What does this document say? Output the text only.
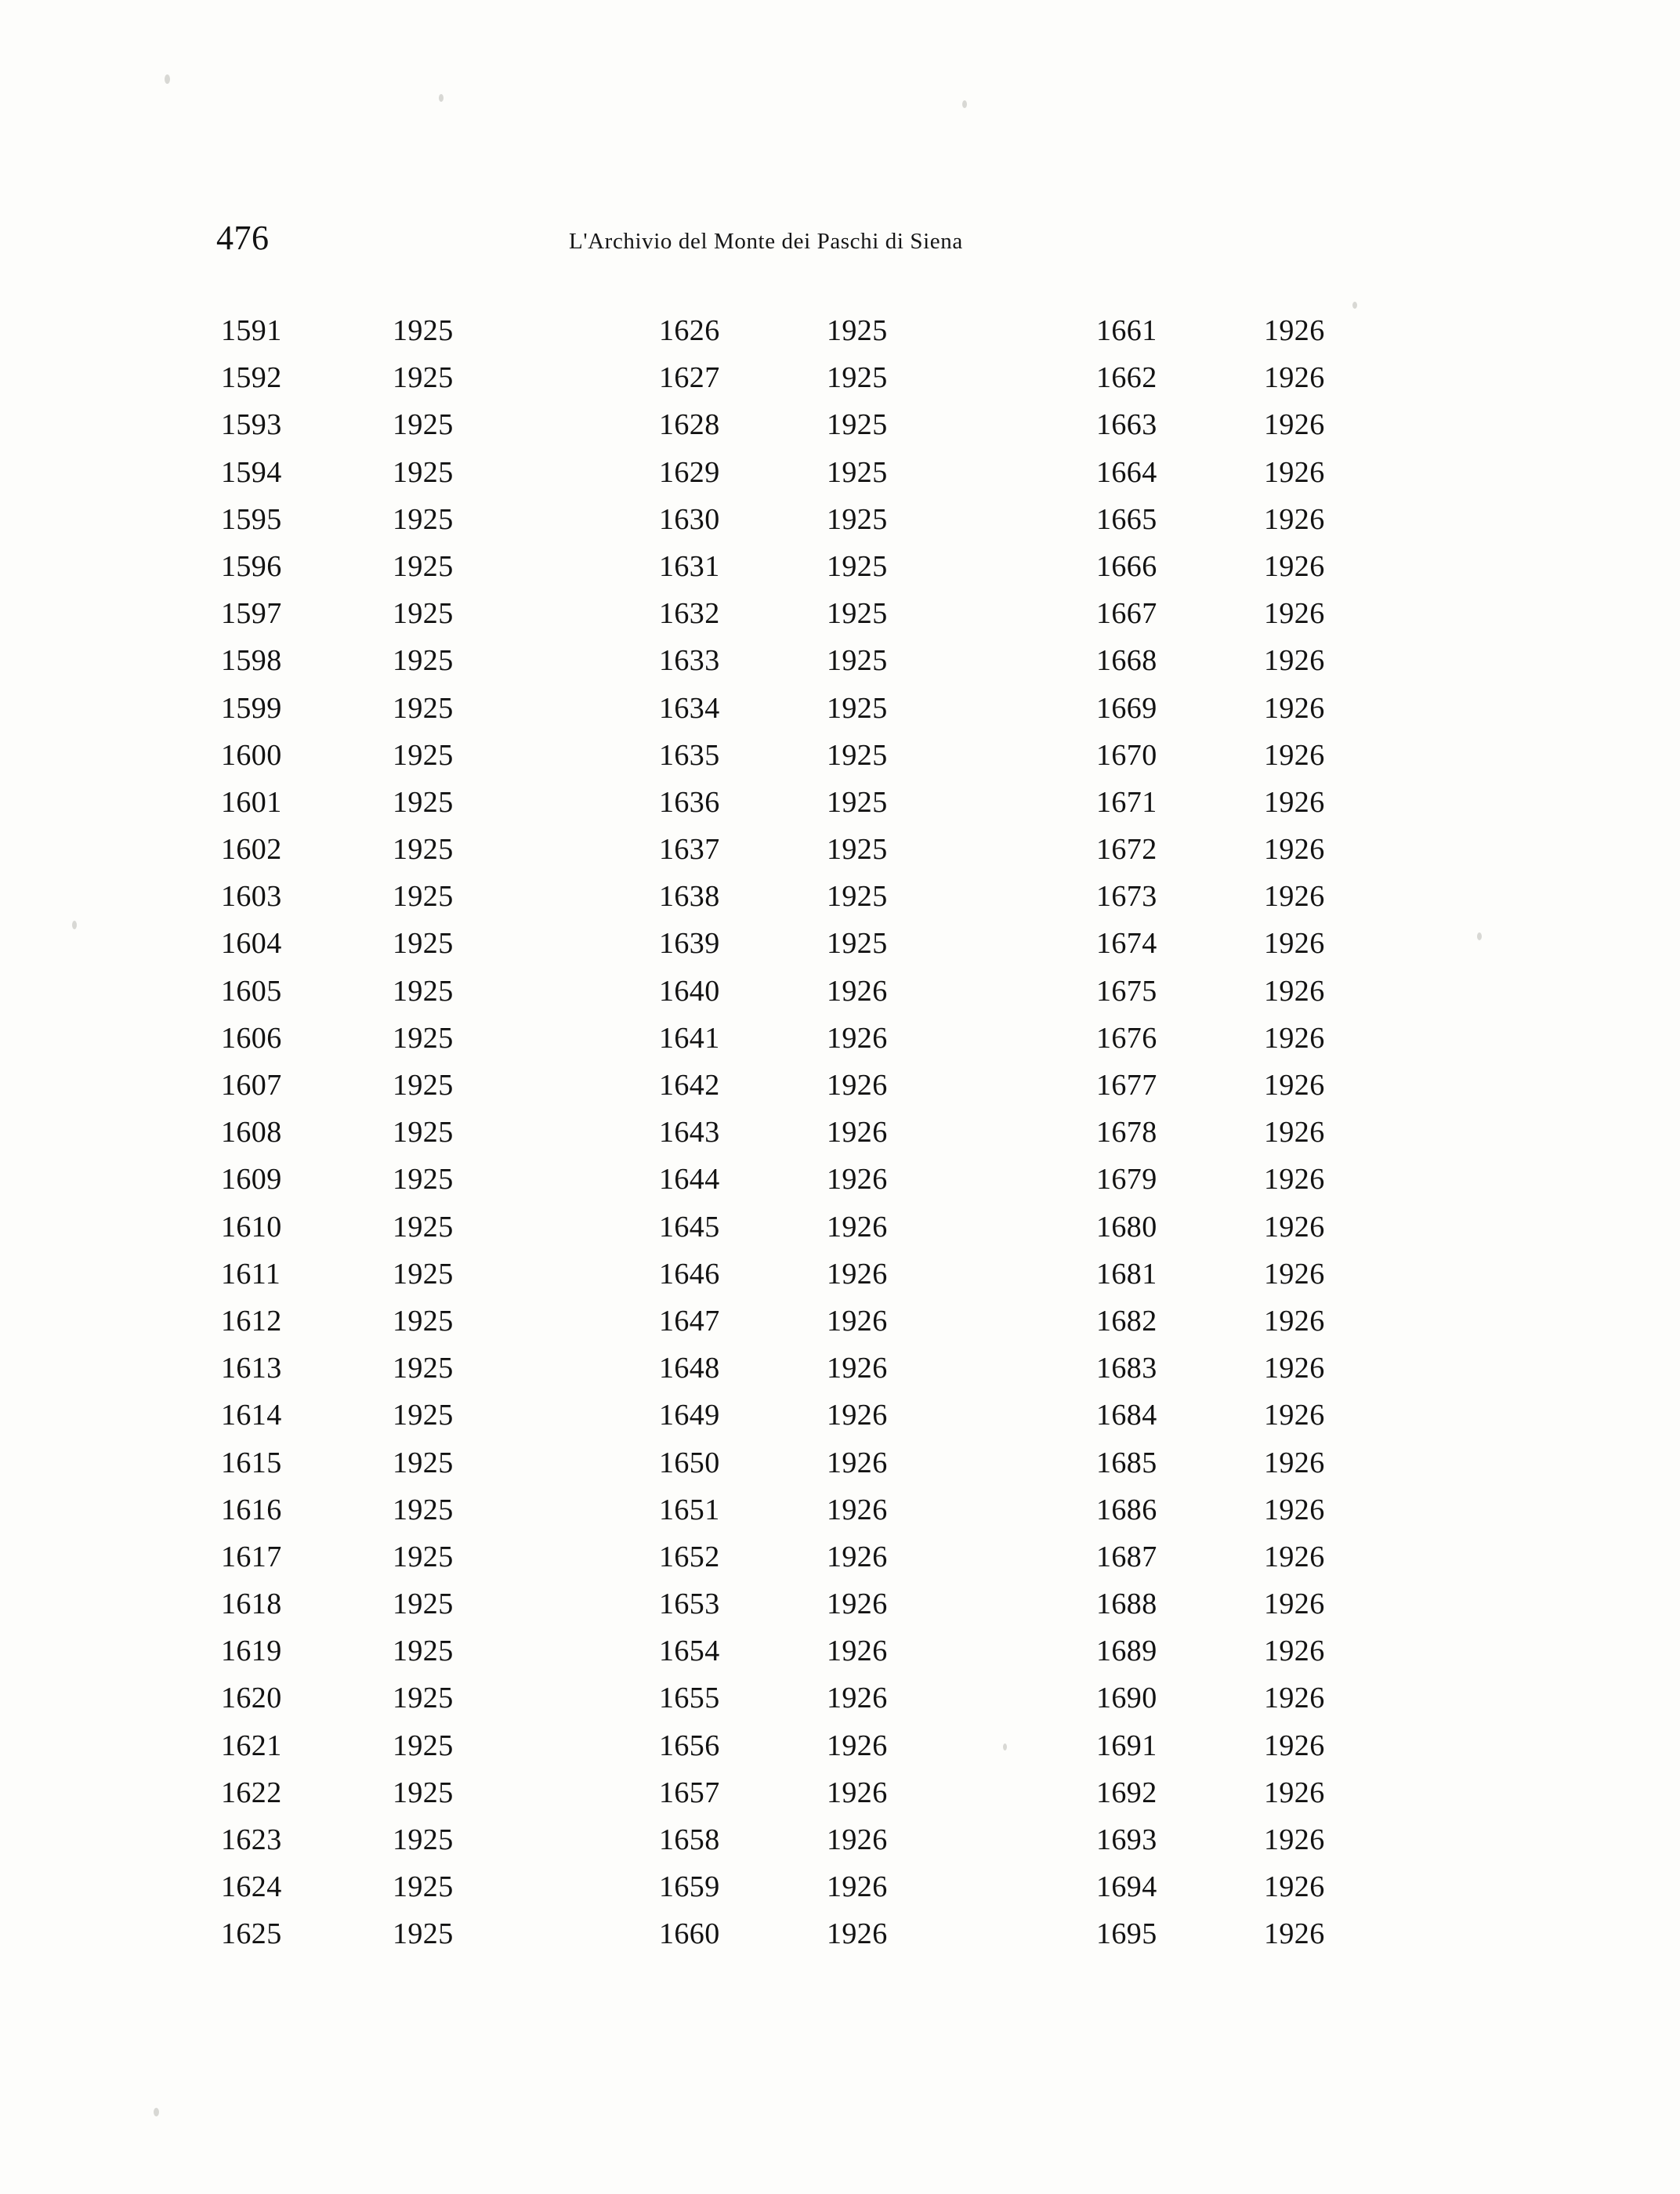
476	L'Archivio del Monte dei Paschi di Siena
1591	1925	1626	1925	1661	1926
1592	1925	1627	1925	1662	1926
1593	1925	1628	1925	1663	1926
1594	1925	1629	1925	1664	1926
1595	1925	1630	1925	1665	1926
1596	1925	1631	1925	1666	1926
1597	1925	1632	1925	1667	1926
1598	1925	1633	1925	1668	1926
1599	1925	1634	1925	1669	1926
1600	1925	1635	1925	1670	1926
1601	1925	1636	1925	1671	1926
1602	1925	1637	1925	1672	1926
1603	1925	1638	1925	1673	1926
1604	1925	1639	1925	1674	1926
1605	1925	1640	1926	1675	1926
1606	1925	1641	1926	1676	1926
1607	1925	1642	1926	1677	1926
1608	1925	1643	1926	1678	1926
1609	1925	1644	1926	1679	1926
1610	1925	1645	1926	1680	1926
1611	1925	1646	1926	1681	1926
1612	1925	1647	1926	1682	1926
1613	1925	1648	1926	1683	1926
1614	1925	1649	1926	1684	1926
1615	1925	1650	1926	1685	1926
1616	1925	1651	1926	1686	1926
1617	1925	1652	1926	1687	1926
1618	1925	1653	1926	1688	1926
1619	1925	1654	1926	1689	1926
1620	1925	1655	1926	1690	1926
1621	1925	1656	1926	1691	1926
1622	1925	1657	1926	1692	1926
1623	1925	1658	1926	1693	1926
1624	1925	1659	1926	1694	1926
1625	1925	1660	1926	1695	1926
